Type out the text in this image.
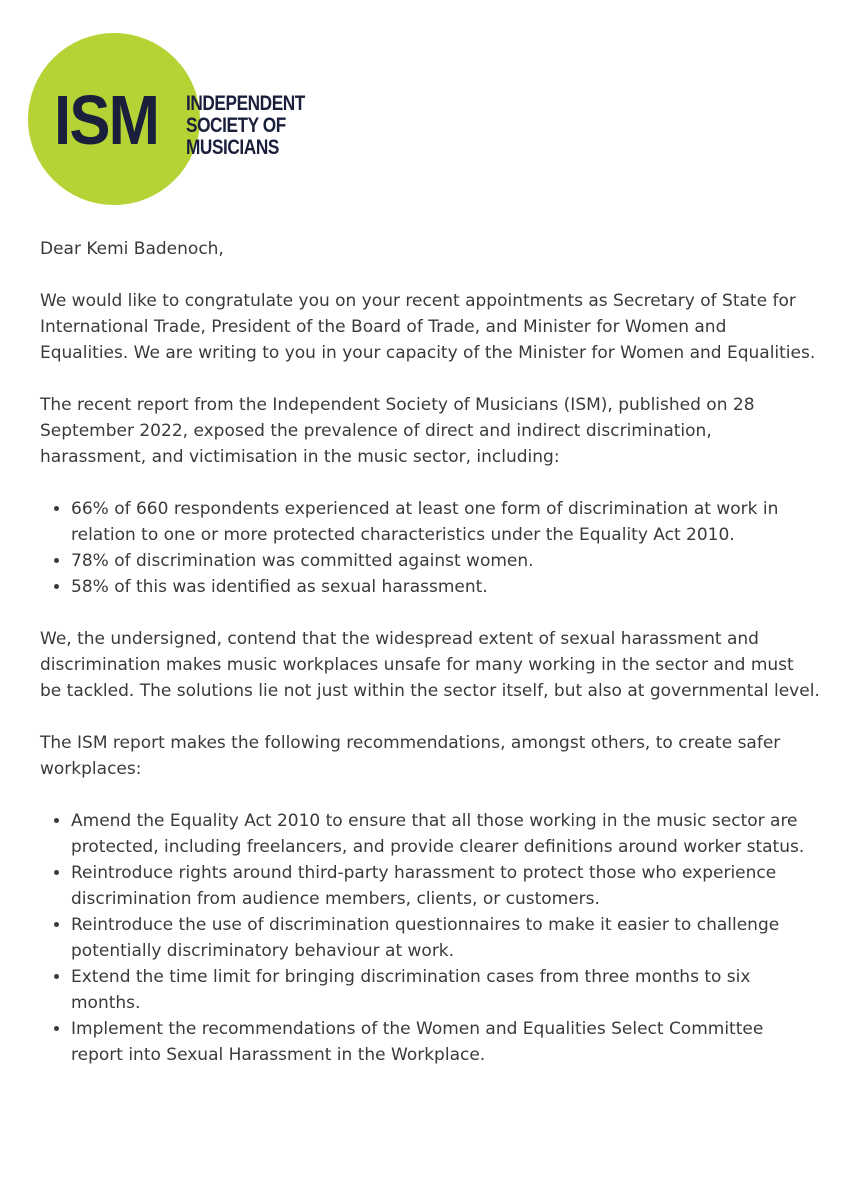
ISM INDEPENDENT
SOCIETY OF
MUSICIANS

Dear Kemi Badenoch,

We would like to congratulate you on your recent appointments as Secretary of State for International Trade, President of the Board of Trade, and Minister for Women and Equalities. We are writing to you in your capacity of the Minister for Women and Equalities.

The recent report from the Independent Society of Musicians (ISM), published on 28 September 2022, exposed the prevalence of direct and indirect discrimination, harassment, and victimisation in the music sector, including:

• 66% of 660 respondents experienced at least one form of discrimination at work in relation to one or more protected characteristics under the Equality Act 2010.
• 78% of discrimination was committed against women.
• 58% of this was identified as sexual harassment.

We, the undersigned, contend that the widespread extent of sexual harassment and discrimination makes music workplaces unsafe for many working in the sector and must be tackled. The solutions lie not just within the sector itself, but also at governmental level.

The ISM report makes the following recommendations, amongst others, to create safer workplaces:

• Amend the Equality Act 2010 to ensure that all those working in the music sector are protected, including freelancers, and provide clearer definitions around worker status.
• Reintroduce rights around third-party harassment to protect those who experience discrimination from audience members, clients, or customers.
• Reintroduce the use of discrimination questionnaires to make it easier to challenge potentially discriminatory behaviour at work.
• Extend the time limit for bringing discrimination cases from three months to six months.
• Implement the recommendations of the Women and Equalities Select Committee report into Sexual Harassment in the Workplace.
